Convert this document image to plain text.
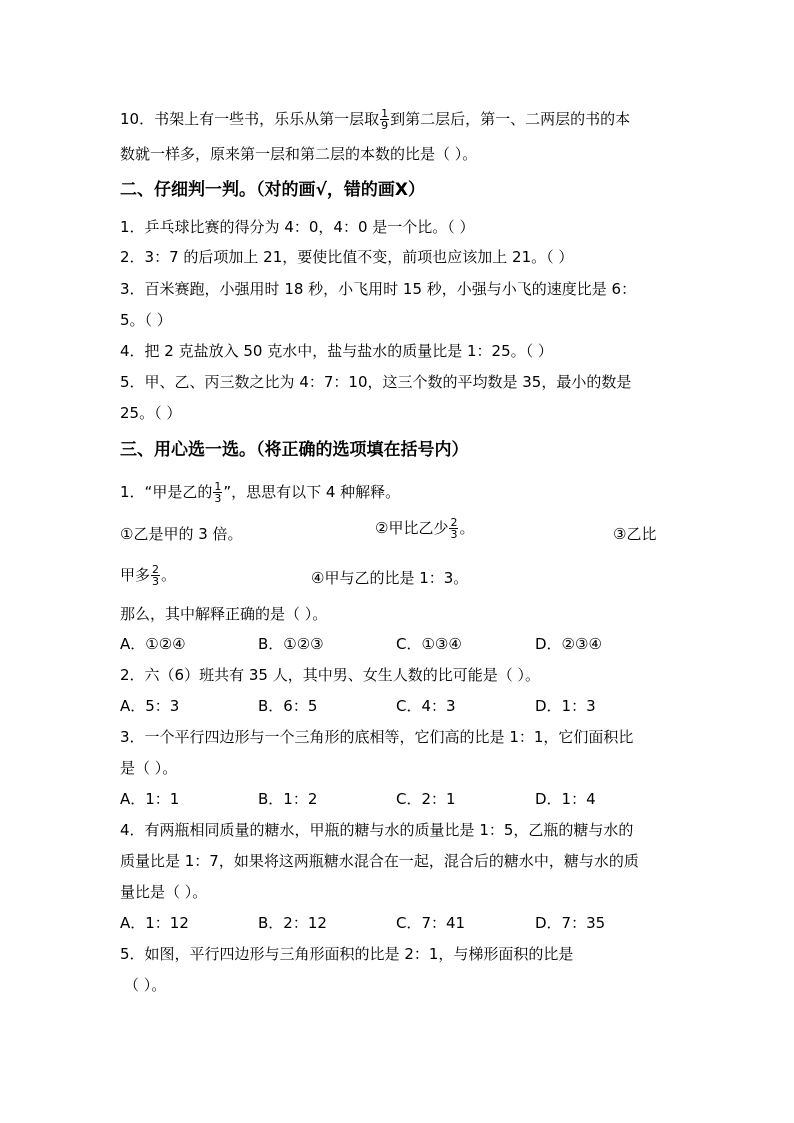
10．书架上有一些书，乐乐从第一层取 $\frac{1}{9}$ 到第二层后，第一、二两层的书的本
数就一样多，原来第一层和第二层的本数的比是（ ）。
二、仔细判一判。（对的画√，错的画X）
1．乒乓球比赛的得分为 4：0，4：0 是一个比。（ ）
2．3：7 的后项加上 21，要使比值不变，前项也应该加上 21。（ ）
3．百米赛跑，小强用时 18 秒，小飞用时 15 秒，小强与小飞的速度比是 6：
5。（ ）
4．把 2 克盐放入 50 克水中，盐与盐水的质量比是 1：25。（ ）
5．甲、乙、丙三数之比为 4：7：10，这三个数的平均数是 35，最小的数是
25。（ ）
三、用心选一选。（将正确的选项填在括号内）
1．“甲是乙的 $\frac{1}{3}$ ”，思思有以下 4 种解释。
①乙是甲的 3 倍。	②甲比乙少 $\frac{2}{3}$ 。	③乙比
甲多 $\frac{2}{3}$ 。	④甲与乙的比是 1：3。
那么，其中解释正确的是（ ）。
A．①②④	B．①②③	C．①③④	D．②③④
2．六（6）班共有 35 人，其中男、女生人数的比可能是（ ）。
A．5：3	B．6：5	C．4：3	D．1：3
3．一个平行四边形与一个三角形的底相等，它们高的比是 1：1，它们面积比
是（ ）。
A．1：1	B．1：2	C．2：1	D．1：4
4．有两瓶相同质量的糖水，甲瓶的糖与水的质量比是 1：5，乙瓶的糖与水的
质量比是 1：7，如果将这两瓶糖水混合在一起，混合后的糖水中，糖与水的质
量比是（ ）。
A．1：12	B．2：12	C．7：41	D．7：35
5．如图，平行四边形与三角形面积的比是 2：1，与梯形面积的比是
（ ）。
